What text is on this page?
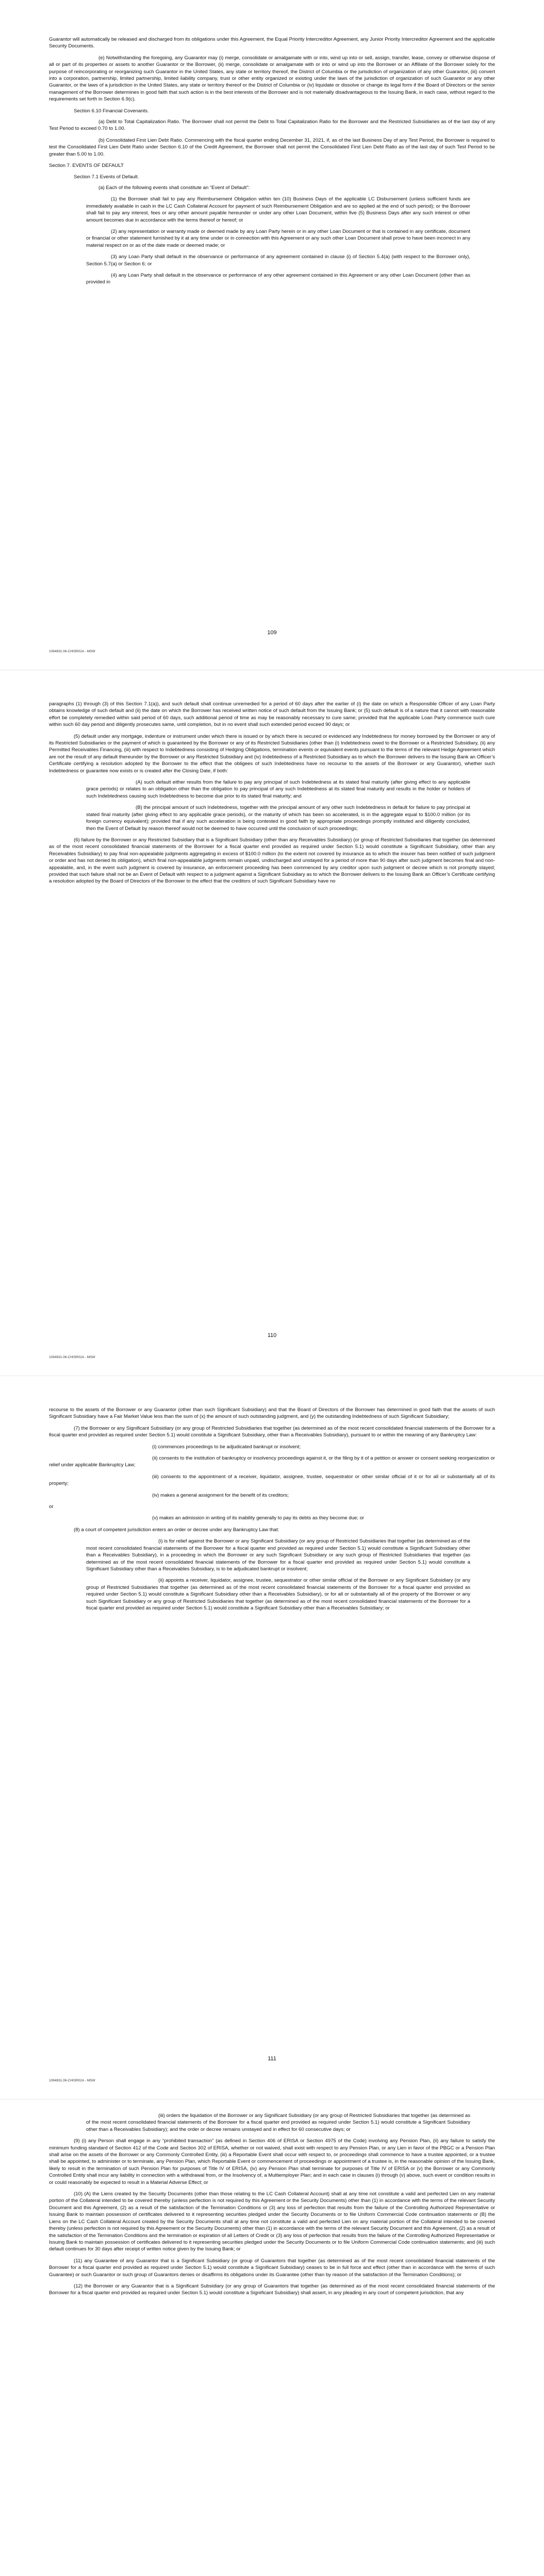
Guarantor will automatically be released and discharged from its obligations under this Agreement, the Equal Priority Intercreditor Agreement, any Junior Priority Intercreditor Agreement and the applicable Security Documents.

(e) Notwithstanding the foregoing, any Guarantor may (i) merge, consolidate or amalgamate with or into, wind up into or sell, assign, transfer, lease, convey or otherwise dispose of all or part of its properties or assets to another Guarantor or the Borrower, (ii) merge, consolidate or amalgamate with or into or wind up into the Borrower or an Affiliate of the Borrower solely for the purpose of reincorporating or reorganizing such Guarantor in the United States, any state or territory thereof, the District of Columbia or the jurisdiction of organization of any other Guarantor, (iii) convert into a corporation, partnership, limited partnership, limited liability company, trust or other entity organized or existing under the laws of the jurisdiction of organization of such Guarantor or any other Guarantor, or the laws of a jurisdiction in the United States, any state or territory thereof or the District of Columbia or (iv) liquidate or dissolve or change its legal form if the Board of Directors or the senior management of the Borrower determines in good faith that such action is in the best interests of the Borrower and is not materially disadvantageous to the Issuing Bank, in each case, without regard to the requirements set forth in Section 6.9(c).

Section 6.10 Financial Covenants.

(a) Debt to Total Capitalization Ratio. The Borrower shall not permit the Debt to Total Capitalization Ratio for the Borrower and the Restricted Subsidiaries as of the last day of any Test Period to exceed 0.70 to 1.00.

(b) Consolidated First Lien Debt Ratio. Commencing with the fiscal quarter ending December 31, 2021, if, as of the last Business Day of any Test Period, the Borrower is required to test the Consolidated First Lien Debt Ratio under Section 6.10 of the Credit Agreement, the Borrower shall not permit the Consolidated First Lien Debt Ratio as of the last day of such Test Period to be greater than 5.00 to 1.00.

Section 7. EVENTS OF DEFAULT

Section 7.1 Events of Default.

(a) Each of the following events shall constitute an “Event of Default”:

(1) the Borrower shall fail to pay any Reimbursement Obligation within ten (10) Business Days of the applicable LC Disbursement (unless sufficient funds are immediately available in cash in the LC Cash Collateral Account for payment of such Reimbursement Obligation and are so applied at the end of such period); or the Borrower shall fail to pay any interest, fees or any other amount payable hereunder or under any other Loan Document, within five (5) Business Days after any such interest or other amount becomes due in accordance with the terms thereof or hereof; or

(2) any representation or warranty made or deemed made by any Loan Party herein or in any other Loan Document or that is contained in any certificate, document or financial or other statement furnished by it at any time under or in connection with this Agreement or any such other Loan Document shall prove to have been incorrect in any material respect on or as of the date made or deemed made; or

(3) any Loan Party shall default in the observance or performance of any agreement contained in clause (i) of Section 5.4(a) (with respect to the Borrower only), Section 5.7(a) or Section 6; or

(4) any Loan Party shall default in the observance or performance of any other agreement contained in this Agreement or any other Loan Document (other than as provided in

109
1094931.06-CHISR02A - MSW

paragraphs (1) through (3) of this Section 7.1(a)), and such default shall continue unremedied for a period of 60 days after the earlier of (i) the date on which a Responsible Officer of any Loan Party obtains knowledge of such default and (ii) the date on which the Borrower has received written notice of such default from the Issuing Bank; or (5) such default is of a nature that it cannot with reasonable effort be completely remedied within said period of 60 days, such additional period of time as may be reasonably necessary to cure same; provided that the applicable Loan Party commence such cure within such 60 day period and diligently prosecutes same, until completion, but in no event shall such extended period exceed 90 days; or

(5) default under any mortgage, indenture or instrument under which there is issued or by which there is secured or evidenced any Indebtedness for money borrowed by the Borrower or any of its Restricted Subsidiaries or the payment of which is guaranteed by the Borrower or any of its Restricted Subsidiaries (other than (i) Indebtedness owed to the Borrower or a Restricted Subsidiary, (ii) any Permitted Receivables Financing, (iii) with respect to Indebtedness consisting of Hedging Obligations, termination events or equivalent events pursuant to the terms of the relevant Hedge Agreement which are not the result of any default thereunder by the Borrower or any Restricted Subsidiary and (iv) Indebtedness of a Restricted Subsidiary as to which the Borrower delivers to the Issuing Bank an Officer’s Certificate certifying a resolution adopted by the Borrower to the effect that the obligees of such Indebtedness have no recourse to the assets of the Borrower or any Guarantor), whether such Indebtedness or guarantee now exists or is created after the Closing Date, if both:

(A) such default either results from the failure to pay any principal of such Indebtedness at its stated final maturity (after giving effect to any applicable grace periods) or relates to an obligation other than the obligation to pay principal of any such Indebtedness at its stated final maturity and results in the holder or holders of such Indebtedness causing such Indebtedness to become due prior to its stated final maturity; and

(B) the principal amount of such Indebtedness, together with the principal amount of any other such Indebtedness in default for failure to pay principal at stated final maturity (after giving effect to any applicable grace periods), or the maturity of which has been so accelerated, is in the aggregate equal to $100.0 million (or its foreign currency equivalent); provided that if any such acceleration is being contested in good faith by appropriate proceedings promptly instituted and diligently concluded, then the Event of Default by reason thereof would not be deemed to have occurred until the conclusion of such proceedings;

(6) failure by the Borrower or any Restricted Subsidiary that is a Significant Subsidiary (other than any Receivables Subsidiary) (or group of Restricted Subsidiaries that together (as determined as of the most recent consolidated financial statements of the Borrower for a fiscal quarter end provided as required under Section 5.1) would constitute a Significant Subsidiary, other than any Receivables Subsidiary) to pay final non-appealable judgments aggregating in excess of $100.0 million (to the extent not covered by insurance as to which the insurer has been notified of such judgment or order and has not denied its obligation), which final non-appealable judgments remain unpaid, undischarged and unstayed for a period of more than 90 days after such judgment becomes final and non-appealable, and, in the event such judgment is covered by insurance, an enforcement proceeding has been commenced by any creditor upon such judgment or decree which is not promptly stayed; provided that such failure shall not be an Event of Default with respect to a judgment against a Significant Subsidiary as to which the Borrower delivers to the Issuing Bank an Officer’s Certificate certifying a resolution adopted by the Board of Directors of the Borrower to the effect that the creditors of such Significant Subsidiary have no

110
1094931.06-CHISR02A - MSW

recourse to the assets of the Borrower or any Guarantor (other than such Significant Subsidiary) and that the Board of Directors of the Borrower has determined in good faith that the assets of such Significant Subsidiary have a Fair Market Value less than the sum of (x) the amount of such outstanding judgment, and (y) the outstanding Indebtedness of such Significant Subsidiary;

(7) the Borrower or any Significant Subsidiary (or any group of Restricted Subsidiaries that together (as determined as of the most recent consolidated financial statements of the Borrower for a fiscal quarter end provided as required under Section 5.1) would constitute a Significant Subsidiary, other than a Receivables Subsidiary), pursuant to or within the meaning of any Bankruptcy Law:

(i) commences proceedings to be adjudicated bankrupt or insolvent;

(ii) consents to the institution of bankruptcy or insolvency proceedings against it, or the filing by it of a petition or answer or consent seeking reorganization or relief under applicable Bankruptcy Law;

(iii) consents to the appointment of a receiver, liquidator, assignee, trustee, sequestrator or other similar official of it or for all or substantially all of its property;

(iv) makes a general assignment for the benefit of its creditors;

or

(v) makes an admission in writing of its inability generally to pay its debts as they become due; or

(8) a court of competent jurisdiction enters an order or decree under any Bankruptcy Law that:

(i) is for relief against the Borrower or any Significant Subsidiary (or any group of Restricted Subsidiaries that together (as determined as of the most recent consolidated financial statements of the Borrower for a fiscal quarter end provided as required under Section 5.1) would constitute a Significant Subsidiary other than a Receivables Subsidiary), in a proceeding in which the Borrower or any such Significant Subsidiary or any such group of Restricted Subsidiaries that together (as determined as of the most recent consolidated financial statements of the Borrower for a fiscal quarter end provided as required under Section 5.1) would constitute a Significant Subsidiary other than a Receivables Subsidiary, is to be adjudicated bankrupt or insolvent;

(ii) appoints a receiver, liquidator, assignee, trustee, sequestrator or other similar official of the Borrower or any Significant Subsidiary (or any group of Restricted Subsidiaries that together (as determined as of the most recent consolidated financial statements of the Borrower for a fiscal quarter end provided as required under Section 5.1) would constitute a Significant Subsidiary other than a Receivables Subsidiary), or for all or substantially all of the property of the Borrower or any such Significant Subsidiary or any group of Restricted Subsidiaries that together (as determined as of the most recent consolidated financial statements of the Borrower for a fiscal quarter end provided as required under Section 5.1) would constitute a Significant Subsidiary other than a Receivables Subsidiary; or

111
1094931.06-CHISR02A - MSW

(iii) orders the liquidation of the Borrower or any Significant Subsidiary (or any group of Restricted Subsidiaries that together (as determined as of the most recent consolidated financial statements of the Borrower for a fiscal quarter end provided as required under Section 5.1) would constitute a Significant Subsidiary other than a Receivables Subsidiary); and the order or decree remains unstayed and in effect for 60 consecutive days; or

(9) (i) any Person shall engage in any “prohibited transaction” (as defined in Section 406 of ERISA or Section 4975 of the Code) involving any Pension Plan, (ii) any failure to satisfy the minimum funding standard of Section 412 of the Code and Section 302 of ERISA, whether or not waived, shall exist with respect to any Pension Plan, or any Lien in favor of the PBGC or a Pension Plan shall arise on the assets of the Borrower or any Commonly Controlled Entity, (iii) a Reportable Event shall occur with respect to, or proceedings shall commence to have a trustee appointed, or a trustee shall be appointed, to administer or to terminate, any Pension Plan, which Reportable Event or commencement of proceedings or appointment of a trustee is, in the reasonable opinion of the Issuing Bank, likely to result in the termination of such Pension Plan for purposes of Title IV of ERISA, (iv) any Pension Plan shall terminate for purposes of Title IV of ERISA or (v) the Borrower or any Commonly Controlled Entity shall incur any liability in connection with a withdrawal from, or the Insolvency of, a Multiemployer Plan; and in each case in clauses (i) through (v) above, such event or condition results in or could reasonably be expected to result in a Material Adverse Effect; or

(10) (A) the Liens created by the Security Documents (other than those relating to the LC Cash Collateral Account) shall at any time not constitute a valid and perfected Lien on any material portion of the Collateral intended to be covered thereby (unless perfection is not required by this Agreement or the Security Documents) other than (1) in accordance with the terms of the relevant Security Document and this Agreement, (2) as a result of the satisfaction of the Termination Conditions or (3) any loss of perfection that results from the failure of the Controlling Authorized Representative or Issuing Bank to maintain possession of certificates delivered to it representing securities pledged under the Security Documents or to file Uniform Commercial Code continuation statements or (B) the Liens on the LC Cash Collateral Account created by the Security Documents shall at any time not constitute a valid and perfected Lien on any material portion of the Collateral intended to be covered thereby (unless perfection is not required by this Agreement or the Security Documents) other than (1) in accordance with the terms of the relevant Security Document and this Agreement, (2) as a result of the satisfaction of the Termination Conditions and the termination or expiration of all Letters of Credit or (3) any loss of perfection that results from the failure of the Controlling Authorized Representative or Issuing Bank to maintain possession of certificates delivered to it representing securities pledged under the Security Documents or to file Uniform Commercial Code continuation statements; and (iii) such default continues for 30 days after receipt of written notice given by the Issuing Bank; or

(11) any Guarantee of any Guarantor that is a Significant Subsidiary (or group of Guarantors that together (as determined as of the most recent consolidated financial statements of the Borrower for a fiscal quarter end provided as required under Section 5.1) would constitute a Significant Subsidiary) ceases to be in full force and effect (other than in accordance with the terms of such Guarantee) or such Guarantor or such group of Guarantors denies or disaffirms its obligations under its Guarantee (other than by reason of the satisfaction of the Termination Conditions); or

(12) the Borrower or any Guarantor that is a Significant Subsidiary (or any group of Guarantors that together (as determined as of the most recent consolidated financial statements of the Borrower for a fiscal quarter end provided as required under Section 5.1) would constitute a Significant Subsidiary) shall assert, in any pleading in any court of competent jurisdiction, that any
